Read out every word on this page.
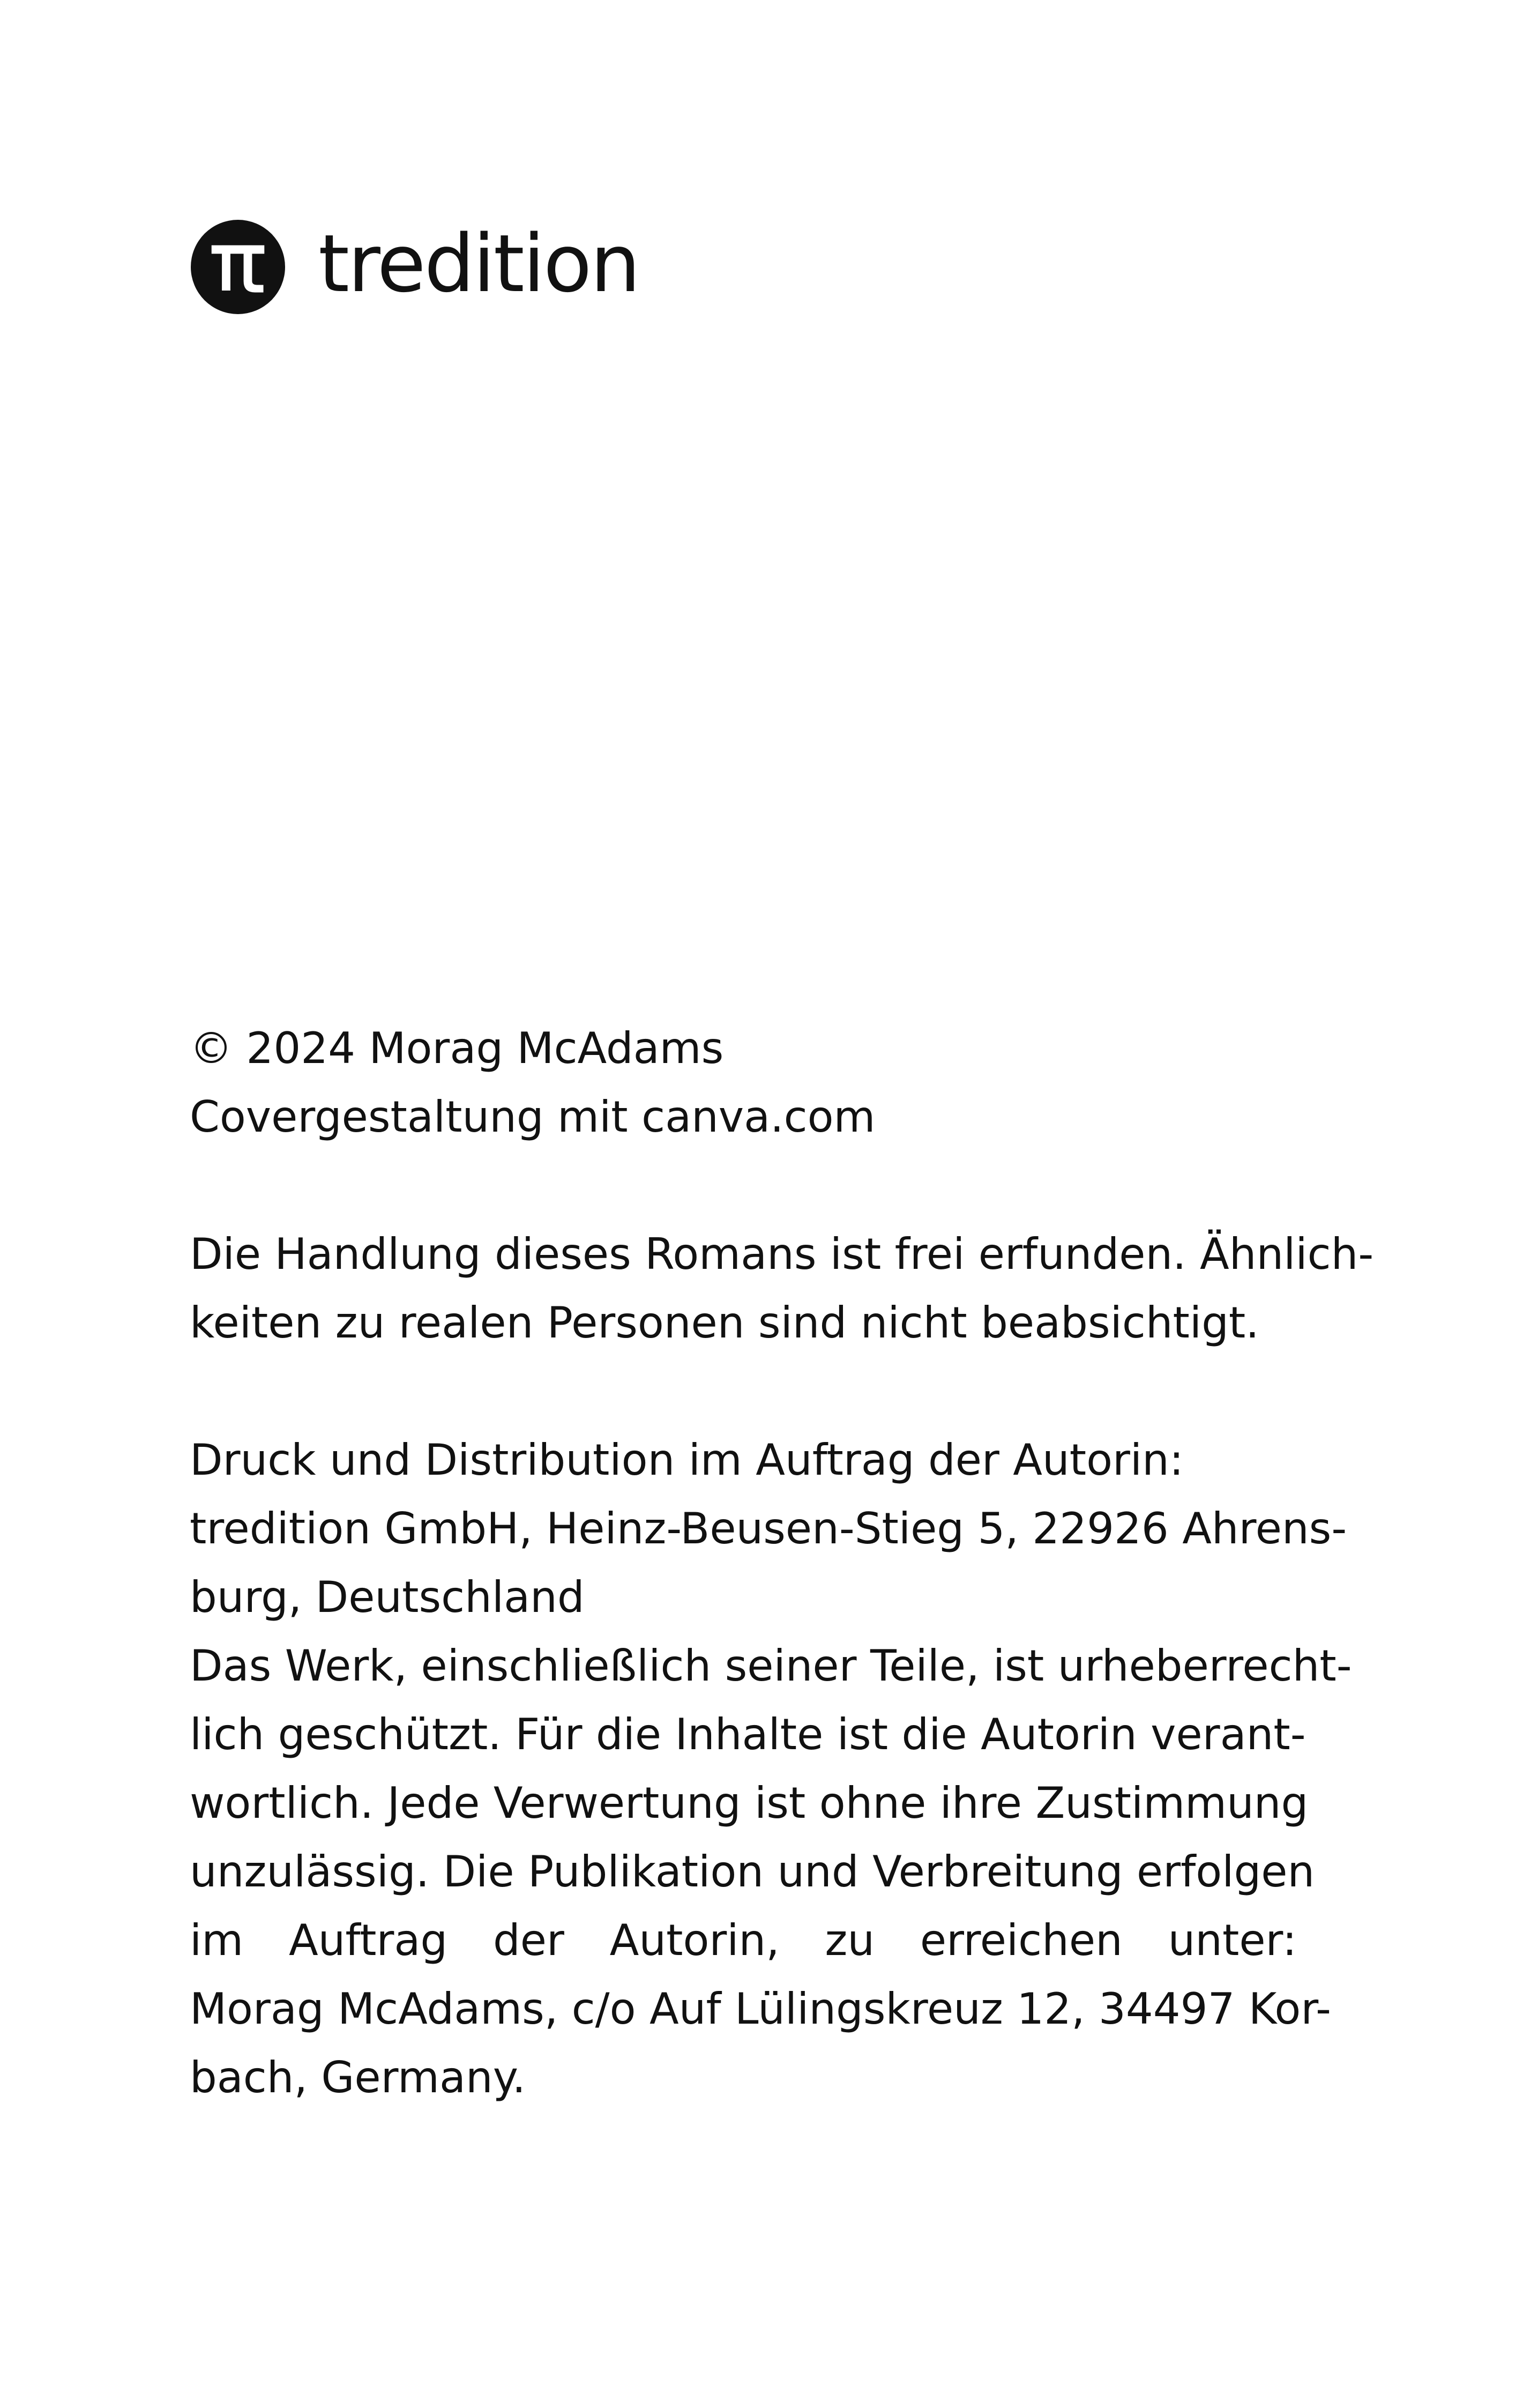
tredition

© 2024 Morag McAdams
Covergestaltung mit canva.com

Die Handlung dieses Romans ist frei erfunden. Ähnlich-
keiten zu realen Personen sind nicht beabsichtigt.

Druck und Distribution im Auftrag der Autorin:
tredition GmbH, Heinz-Beusen-Stieg 5, 22926 Ahrens-
burg, Deutschland
Das Werk, einschließlich seiner Teile, ist urheberrecht-
lich geschützt. Für die Inhalte ist die Autorin verant-
wortlich. Jede Verwertung ist ohne ihre Zustimmung
unzulässig. Die Publikation und Verbreitung erfolgen
im Auftrag der Autorin, zu erreichen unter:
Morag McAdams, c/o Auf Lülingskreuz 12, 34497 Kor-
bach, Germany.
